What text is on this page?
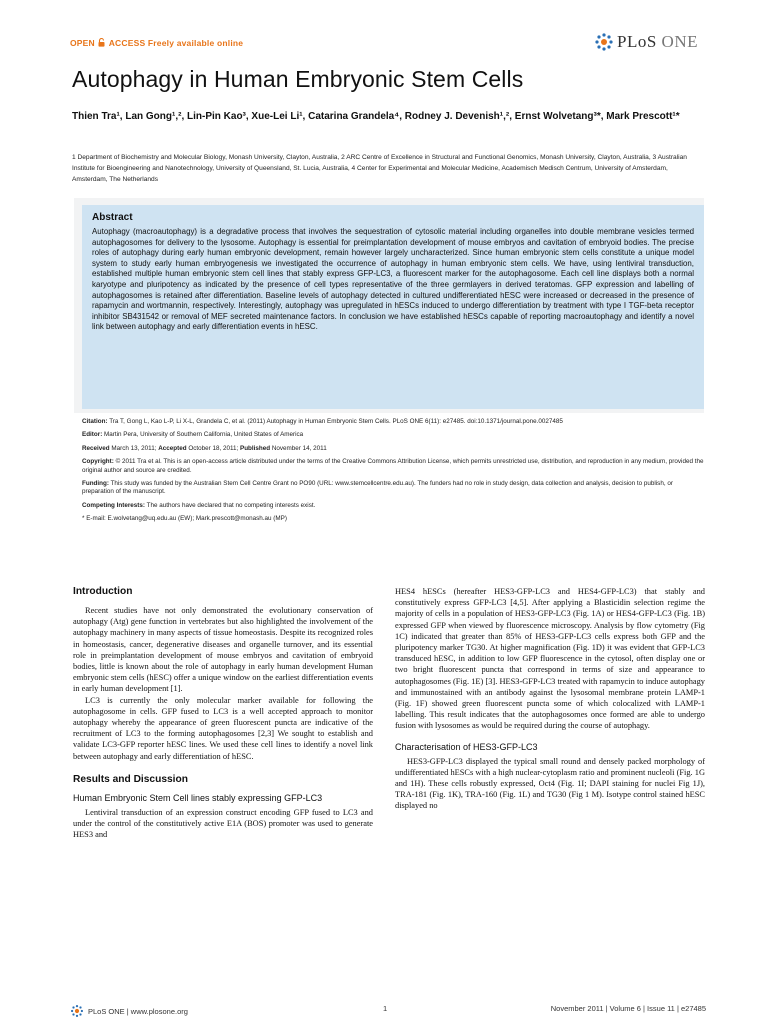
OPEN ACCESS Freely available online	PLoS ONE
Autophagy in Human Embryonic Stem Cells
Thien Tra¹, Lan Gong¹,², Lin-Pin Kao³, Xue-Lei Li¹, Catarina Grandela⁴, Rodney J. Devenish¹,², Ernst Wolvetang³*, Mark Prescott¹*
1 Department of Biochemistry and Molecular Biology, Monash University, Clayton, Australia, 2 ARC Centre of Excellence in Structural and Functional Genomics, Monash University, Clayton, Australia, 3 Australian Institute for Bioengineering and Nanotechnology, University of Queensland, St. Lucia, Australia, 4 Center for Experimental and Molecular Medicine, Academisch Medisch Centrum, University of Amsterdam, Amsterdam, The Netherlands

Abstract

Autophagy (macroautophagy) is a degradative process that involves the sequestration of cytosolic material including organelles into double membrane vesicles termed autophagosomes for delivery to the lysosome. Autophagy is essential for preimplantation development of mouse embryos and cavitation of embryoid bodies. The precise roles of autophagy during early human embryonic development, remain however largely uncharacterized. Since human embryonic stem cells constitute a unique model system to study early human embryogenesis we investigated the occurrence of autophagy in human embryonic stem cells. We have, using lentiviral transduction, established multiple human embryonic stem cell lines that stably express GFP-LC3, a fluorescent marker for the autophagosome. Each cell line displays both a normal karyotype and pluripotency as indicated by the presence of cell types representative of the three germlayers in derived teratomas. GFP expression and labelling of autophagosomes is retained after differentiation. Baseline levels of autophagy detected in cultured undifferentiated hESC were increased or decreased in the presence of rapamycin and wortmannin, respectively. Interestingly, autophagy was upregulated in hESCs induced to undergo differentiation by treatment with type I TGF-beta receptor inhibitor SB431542 or removal of MEF secreted maintenance factors. In conclusion we have established hESCs capable of reporting macroautophagy and identify a novel link between autophagy and early differentiation events in hESC.

Citation: Tra T, Gong L, Kao L-P, Li X-L, Grandela C, et al. (2011) Autophagy in Human Embryonic Stem Cells. PLoS ONE 6(11): e27485. doi:10.1371/journal.pone.0027485

Editor: Martin Pera, University of Southern California, United States of America

Received March 13, 2011; Accepted October 18, 2011; Published November 14, 2011

Copyright: © 2011 Tra et al. This is an open-access article distributed under the terms of the Creative Commons Attribution License, which permits unrestricted use, distribution, and reproduction in any medium, provided the original author and source are credited.

Funding: This study was funded by the Australian Stem Cell Centre Grant no PO90 (URL: www.stemcellcentre.edu.au). The funders had no role in study design, data collection and analysis, decision to publish, or preparation of the manuscript.

Competing Interests: The authors have declared that no competing interests exist.

* E-mail: E.wolvetang@uq.edu.au (EW); Mark.prescott@monash.au (MP)

Introduction

Recent studies have not only demonstrated the evolutionary conservation of autophagy (Atg) gene function in vertebrates but also highlighted the involvement of the autophagy machinery in many aspects of tissue homeostasis. Despite its recognized roles in homeostasis, cancer, degenerative diseases and organelle turnover, and its essential role in preimplantation development of mouse embryos and cavitation of embryoid bodies, little is known about the role of autophagy in early human development Human embryonic stem cells (hESC) offer a unique window on the earliest differentiation events in early human development [1].

LC3 is currently the only molecular marker available for following the autophagosome in cells. GFP fused to LC3 is a well accepted approach to monitor autophagy whereby the appearance of green fluorescent puncta are indicative of the recruitment of LC3 to the forming autophagosomes [2,3] We sought to establish and validate LC3-GFP reporter hESC lines. We used these cell lines to identify a novel link between autophagy and early differentiation of hESC.

Results and Discussion

Human Embryonic Stem Cell lines stably expressing GFP-LC3

Lentiviral transduction of an expression construct encoding GFP fused to LC3 and under the control of the constitutively active E1A (BOS) promoter was used to generate HES3 and

HES4 hESCs (hereafter HES3-GFP-LC3 and HES4-GFP-LC3) that stably and constitutively express GFP-LC3 [4,5]. After applying a Blasticidin selection regime the majority of cells in a population of HES3-GFP-LC3 (Fig. 1A) or HES4-GFP-LC3 (Fig. 1B) expressed GFP when viewed by fluorescence microscopy. Analysis by flow cytometry (Fig 1C) indicated that greater than 85% of HES3-GFP-LC3 cells express both GFP and the pluripotency marker TG30. At higher magnification (Fig. 1D) it was evident that GFP-LC3 transduced hESC, in addition to low GFP fluorescence in the cytosol, often display one or two bright fluorescent puncta that correspond in terms of size and appearance to autophagosomes (Fig. 1E) [3]. HES3-GFP-LC3 treated with rapamycin to induce autophagy and immunostained with an antibody against the lysosomal membrane protein LAMP-1 (Fig. 1F) showed green fluorescent puncta some of which colocalized with LAMP-1 labelling. This result indicates that the autophagosomes once formed are able to undergo fusion with lysosomes as would be required during the course of autophagy.

Characterisation of HES3-GFP-LC3

HES3-GFP-LC3 displayed the typical small round and densely packed morphology of undifferentiated hESCs with a high nuclear-cytoplasm ratio and prominent nucleoli (Fig. 1G and 1H). These cells robustly expressed, Oct4 (Fig. 1I; DAPI staining for nuclei Fig 1J), TRA-181 (Fig. 1K), TRA-160 (Fig. 1L) and TG30 (Fig 1 M). Isotype control stained hESC displayed no

PLoS ONE | www.plosone.org	1	November 2011 | Volume 6 | Issue 11 | e27485
